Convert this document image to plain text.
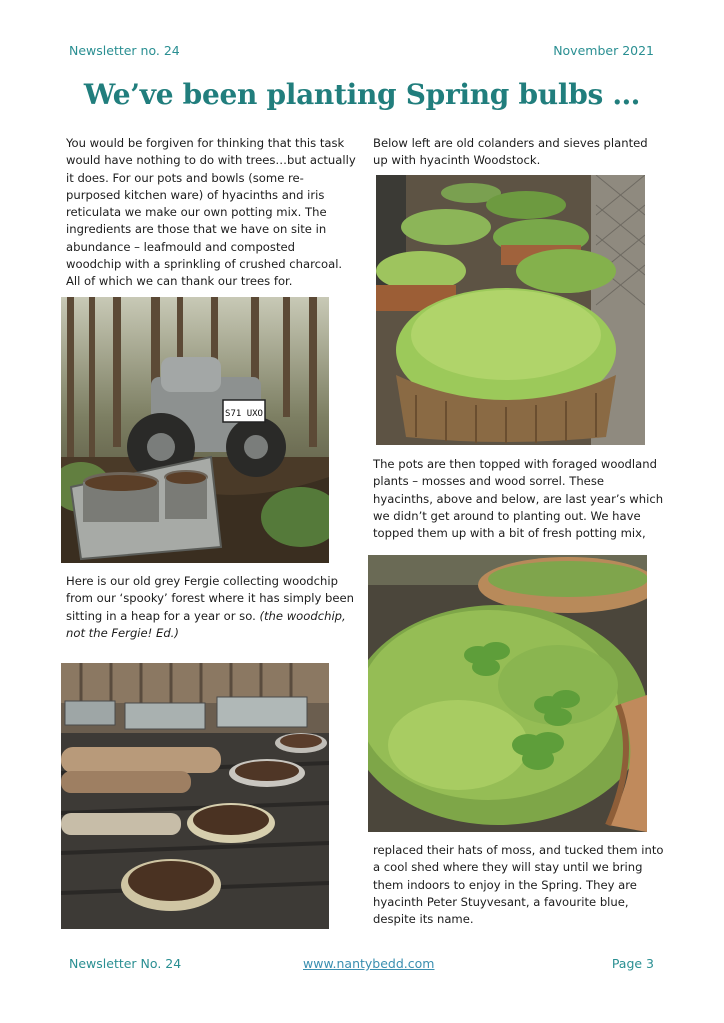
Newsletter no. 24	November 2021
We’ve been planting Spring bulbs …
You would be forgiven for thinking that this task
would have nothing to do with trees…but actually
it does. For our pots and bowls (some re-
purposed kitchen ware) of hyacinths and iris
reticulata we make our own potting mix. The
ingredients are those that we have on site in
abundance – leafmould and composted
woodchip with a sprinkling of crushed charcoal.
All of which we can thank our trees for.
S71 UXO
Here is our old grey Fergie collecting woodchip
from our ‘spooky’ forest where it has simply been
sitting in a heap for a year or so. (the woodchip,
not the Fergie! Ed.)
Below left are old colanders and sieves planted
up with hyacinth Woodstock.
The pots are then topped with foraged woodland
plants – mosses and wood sorrel. These
hyacinths, above and below, are last year’s which
we didn’t get around to planting out. We have
topped them up with a bit of fresh potting mix,
replaced their hats of moss, and tucked them into
a cool shed where they will stay until we bring
them indoors to enjoy in the Spring. They are
hyacinth Peter Stuyvesant, a favourite blue,
despite its name.
Newsletter No. 24	www.nantybedd.com	Page 3
